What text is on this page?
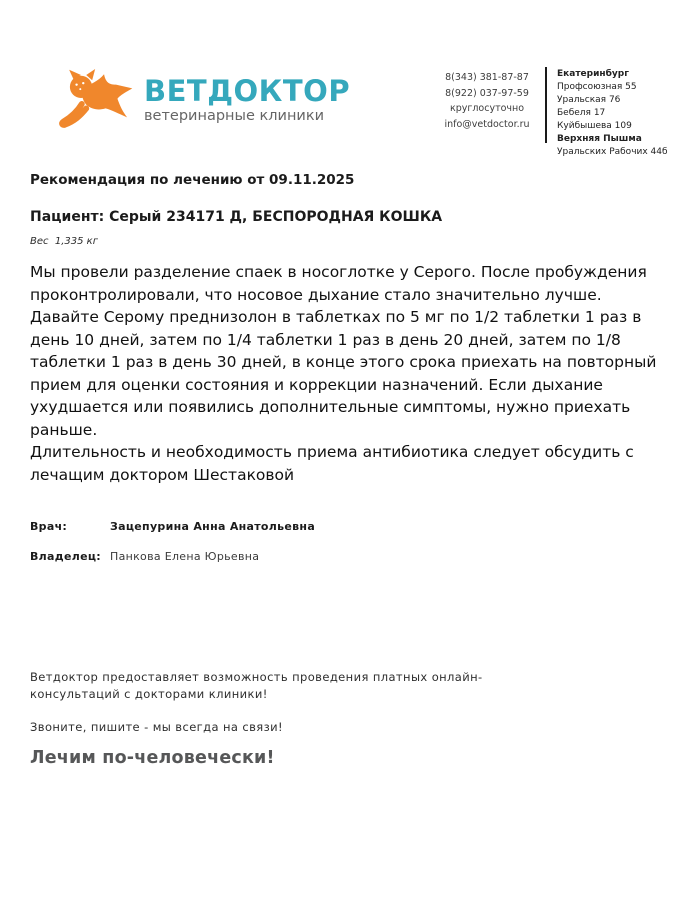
ВЕТДОКТОР
ветеринарные клиники
8(343) 381-87-87
8(922) 037-97-59
круглосуточно
info@vetdoctor.ru
Екатеринбург
Профсоюзная 55
Уральская 76
Бебеля 17
Куйбышева 109
Верхняя Пышма
Уральских Рабочих 44б
Рекомендация по лечению от 09.11.2025
Пациент: Серый 234171 Д, БЕСПОРОДНАЯ КОШКА
Вес  1,335 кг
Мы провели разделение спаек в носоглотке у Серого. После пробуждения проконтролировали, что носовое дыхание стало значительно лучше.
Давайте Серому преднизолон в таблетках по 5 мг по 1/2 таблетки 1 раз в день 10 дней, затем по 1/4 таблетки 1 раз в день 20 дней, затем по 1/8 таблетки 1 раз в день 30 дней, в конце этого срока приехать на повторный прием для оценки состояния и коррекции назначений. Если дыхание ухудшается или появились дополнительные симптомы, нужно приехать раньше.
Длительность и необходимость приема антибиотика следует обсудить с лечащим доктором Шестаковой
Врач:	Зацепурина Анна Анатольевна
Владелец: Панкова Елена Юрьевна
Ветдоктор предоставляет возможность проведения платных онлайн-консультаций с докторами клиники!
Звоните, пишите - мы всегда на связи!
Лечим по-человечески!
